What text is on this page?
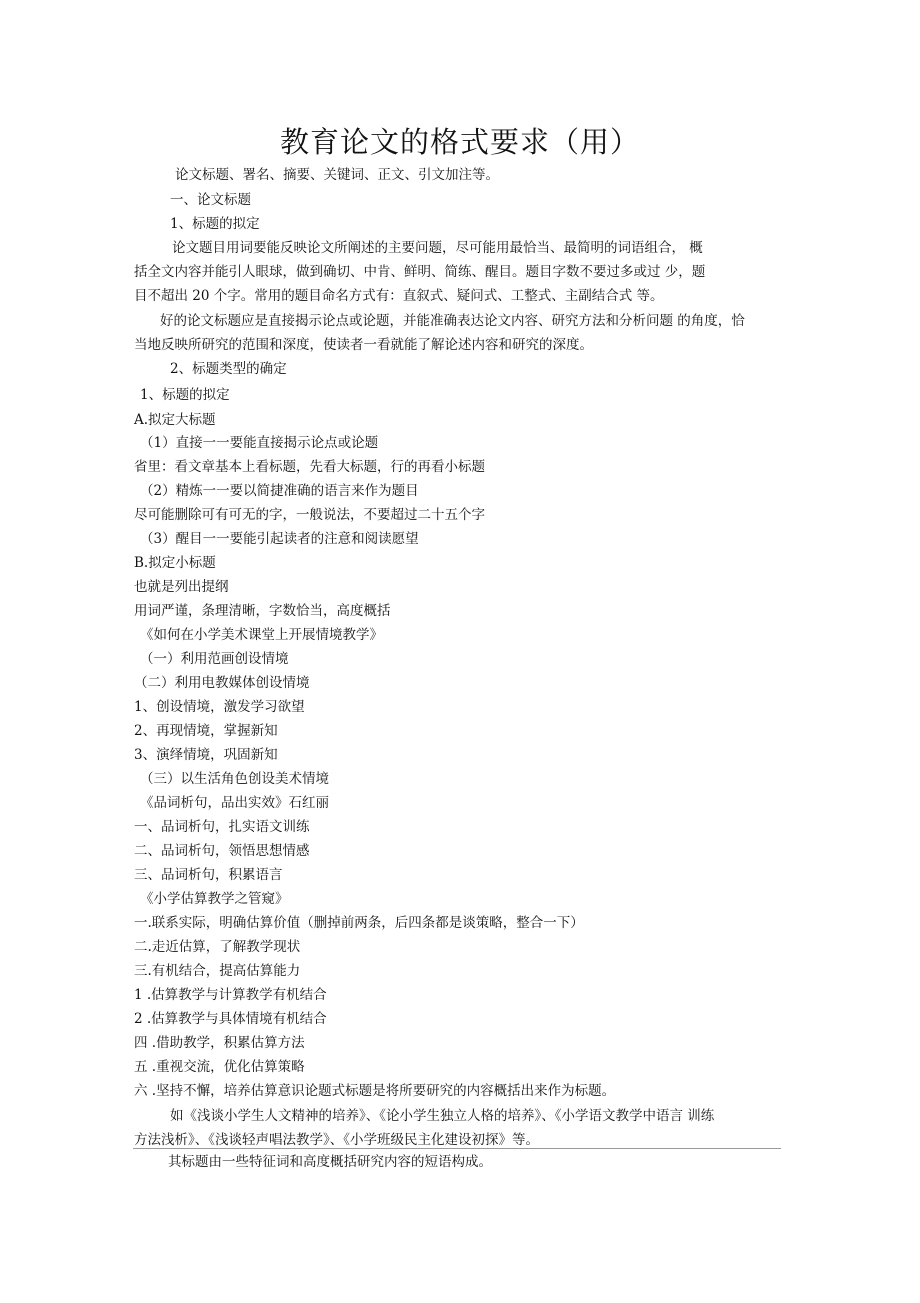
教育论文的格式要求（用）

论文标题、署名、摘要、关键词、正文、引文加注等。

一、论文标题

1、标题的拟定

论文题目用词要能反映论文所阐述的主要问题，尽可能用最恰当、最简明的词语组合， 概

括全文内容并能引人眼球，做到确切、中肯、鲜明、简练、醒目。题目字数不要过多或过 少，题

目不超出 20 个字。常用的题目命名方式有：直叙式、疑问式、工整式、主副结合式 等。

好的论文标题应是直接揭示论点或论题，并能准确表达论文内容、研究方法和分析问题 的角度，恰

当地反映所研究的范围和深度，使读者一看就能了解论述内容和研究的深度。

2、标题类型的确定

1、标题的拟定

A.拟定大标题

（1）直接一一要能直接揭示论点或论题

省里：看文章基本上看标题，先看大标题，行的再看小标题

（2）精炼一一要以简捷准确的语言来作为题目

尽可能删除可有可无的字，一般说法，不要超过二十五个字

（3）醒目一一要能引起读者的注意和阅读愿望

B.拟定小标题

也就是列出提纲

用词严谨，条理清晰，字数恰当，高度概括

《如何在小学美术课堂上开展情境教学》

（一）利用范画创设情境

（二）利用电教媒体创设情境

1、创设情境，激发学习欲望

2、再现情境，掌握新知

3、演绎情境，巩固新知

（三）以生活角色创设美术情境

《品词析句，品出实效》石红丽

一、品词析句，扎实语文训练

二、品词析句，领悟思想情感

三、品词析句，积累语言

《小学估算教学之管窥》

一.联系实际，明确估算价值（删掉前两条，后四条都是谈策略，整合一下）

二.走近估算，了解教学现状

三.有机结合，提高估算能力

1 .估算教学与计算教学有机结合

2 .估算教学与具体情境有机结合

四 .借助教学，积累估算方法

五 .重视交流，优化估算策略

六 .坚持不懈，培养估算意识论题式标题是将所要研究的内容概括出来作为标题。

如《浅谈小学生人文精神的培养》、《论小学生独立人格的培养》、《小学语文教学中语言 训练

方法浅析》、《浅谈轻声唱法教学》、《小学班级民主化建设初探》等。

其标题由一些特征词和高度概括研究内容的短语构成。
